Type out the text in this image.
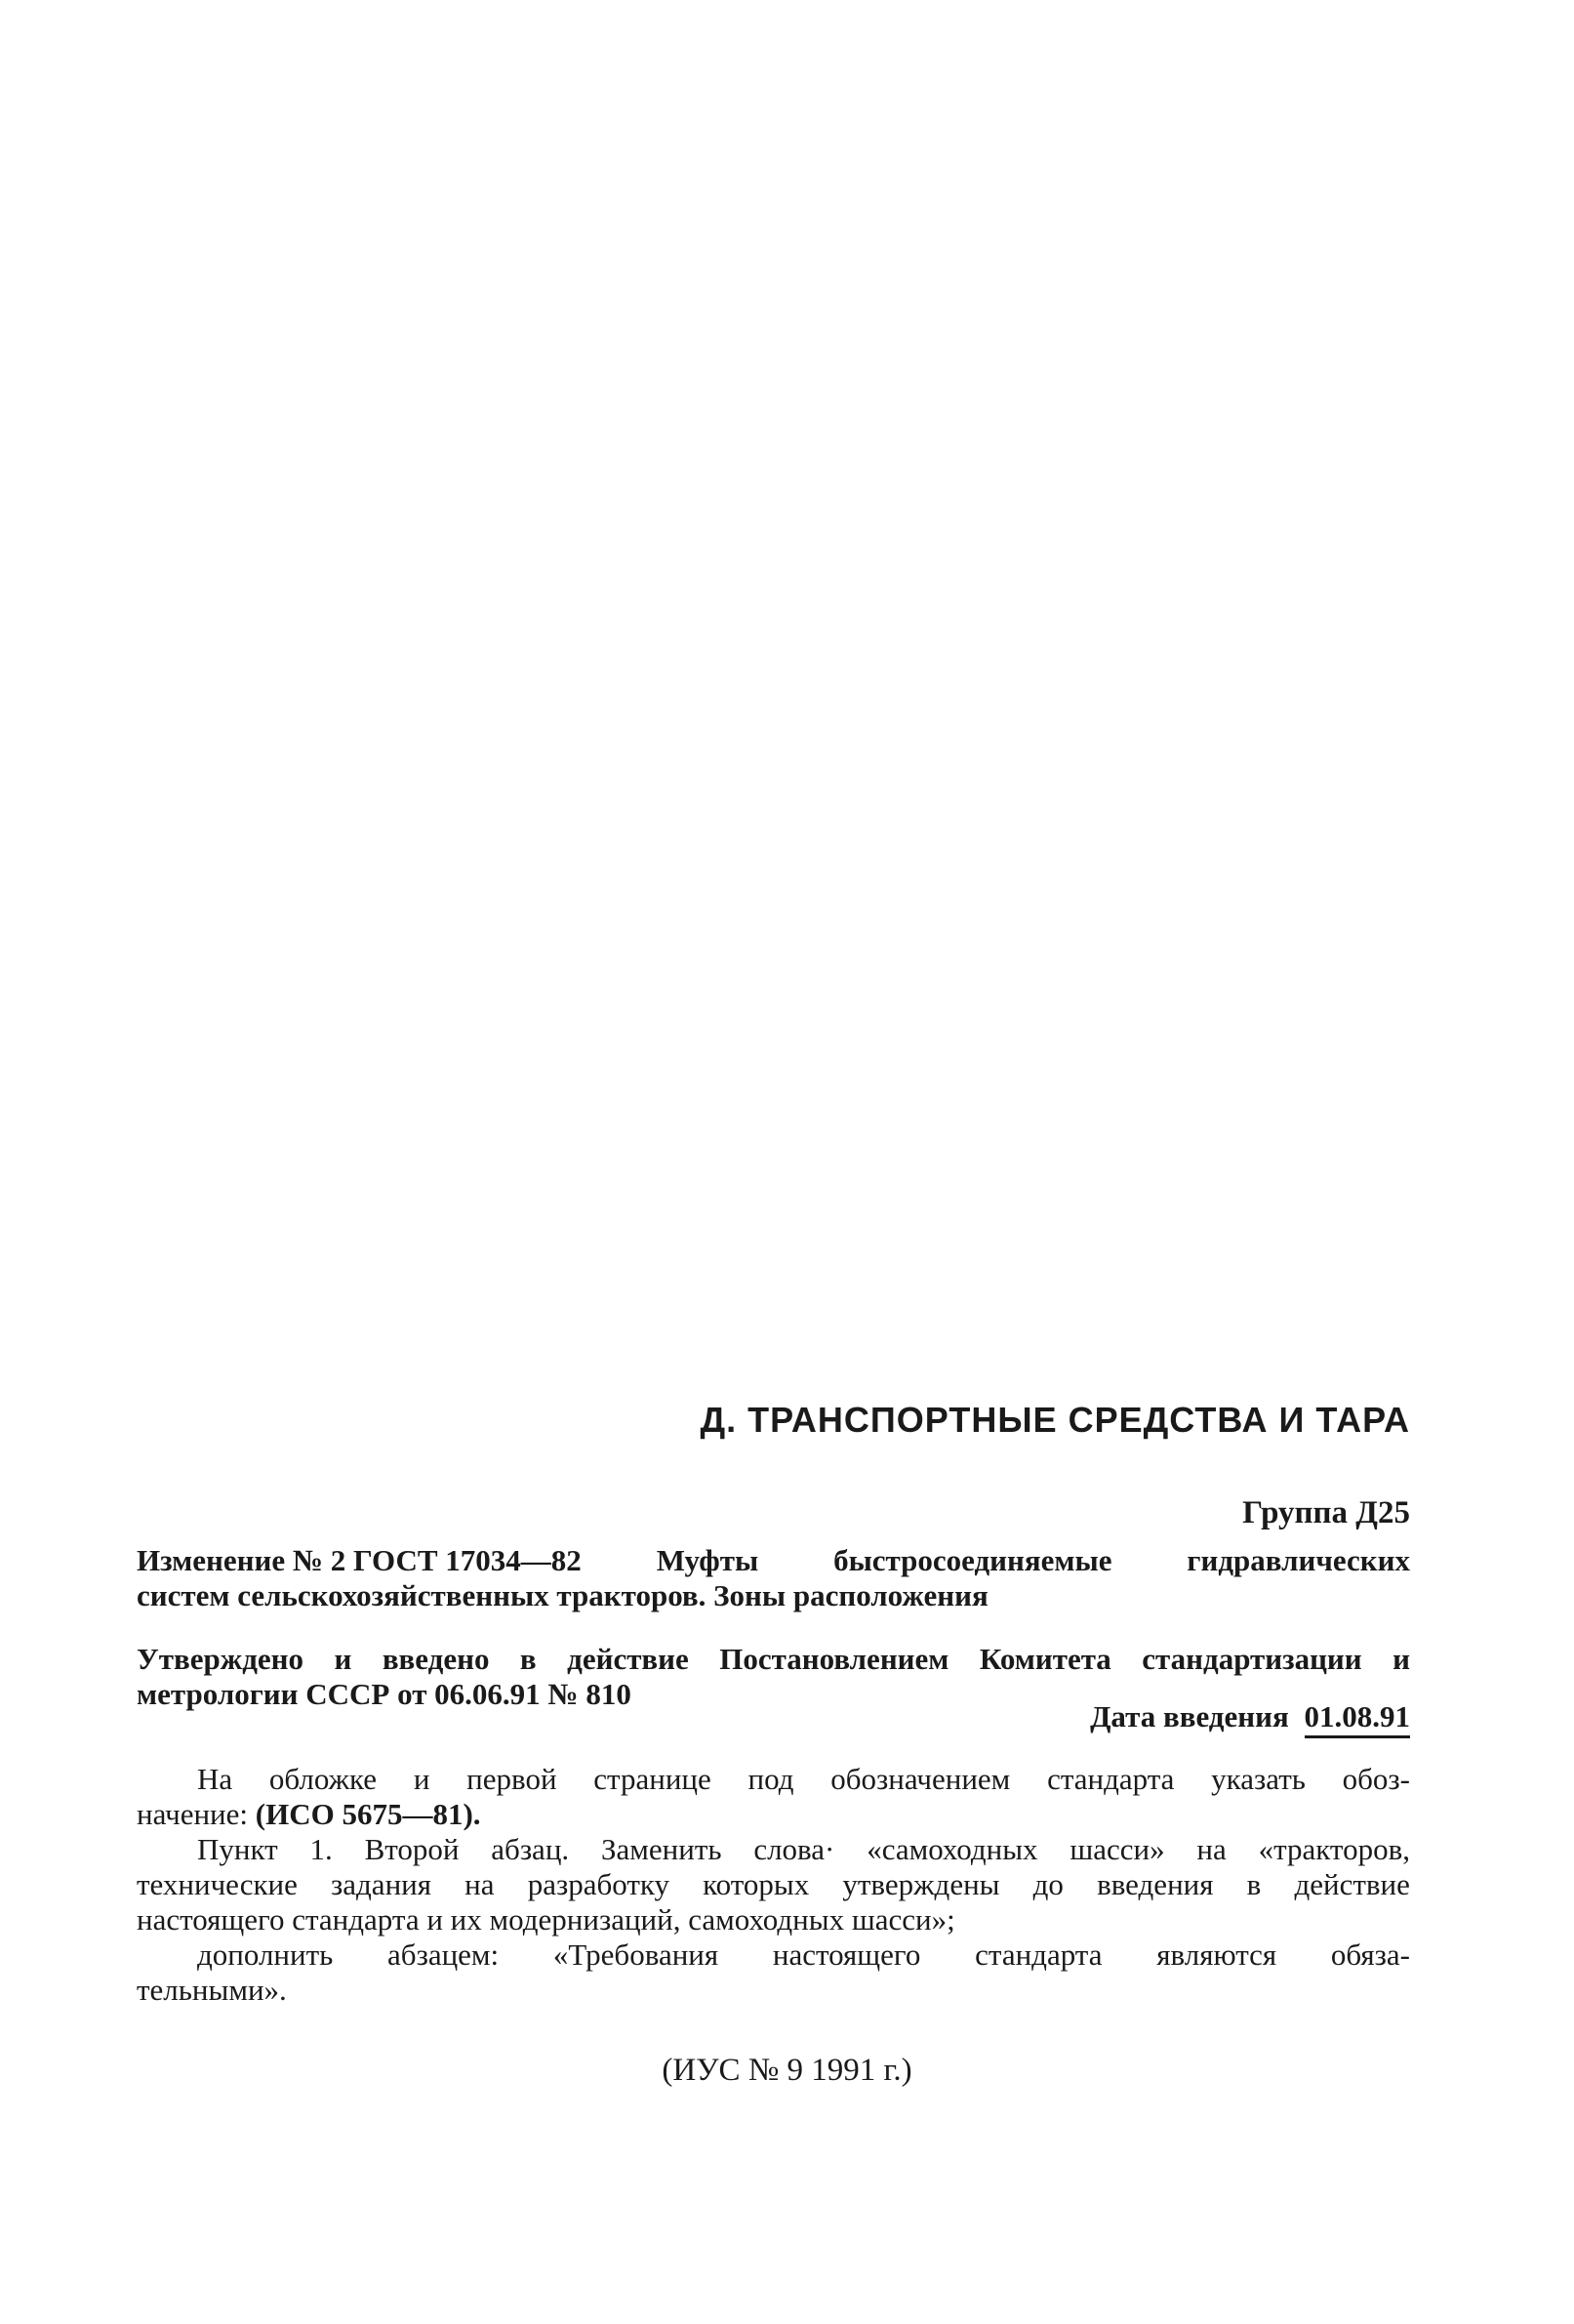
Д. ТРАНСПОРТНЫЕ СРЕДСТВА И ТАРА
Группа Д25
Изменение № 2 ГОСТ 17034—82 Муфты быстросоединяемые гидравлических
систем сельскохозяйственных тракторов. Зоны расположения
Утверждено и введено в действие Постановлением Комитета стандартизации и
метрологии СССР от 06.06.91 № 810
Дата введения 01.08.91
На обложке и первой странице под обозначением стандарта указать обоз-
начение: (ИСО 5675—81).
Пункт 1. Второй абзац. Заменить слова· «самоходных шасси» на «тракторов,
технические задания на разработку которых утверждены до введения в действие
настоящего стандарта и их модернизаций, самоходных шасси»;
дополнить абзацем: «Требования настоящего стандарта являются обяза-
тельными».
(ИУС № 9 1991 г.)
